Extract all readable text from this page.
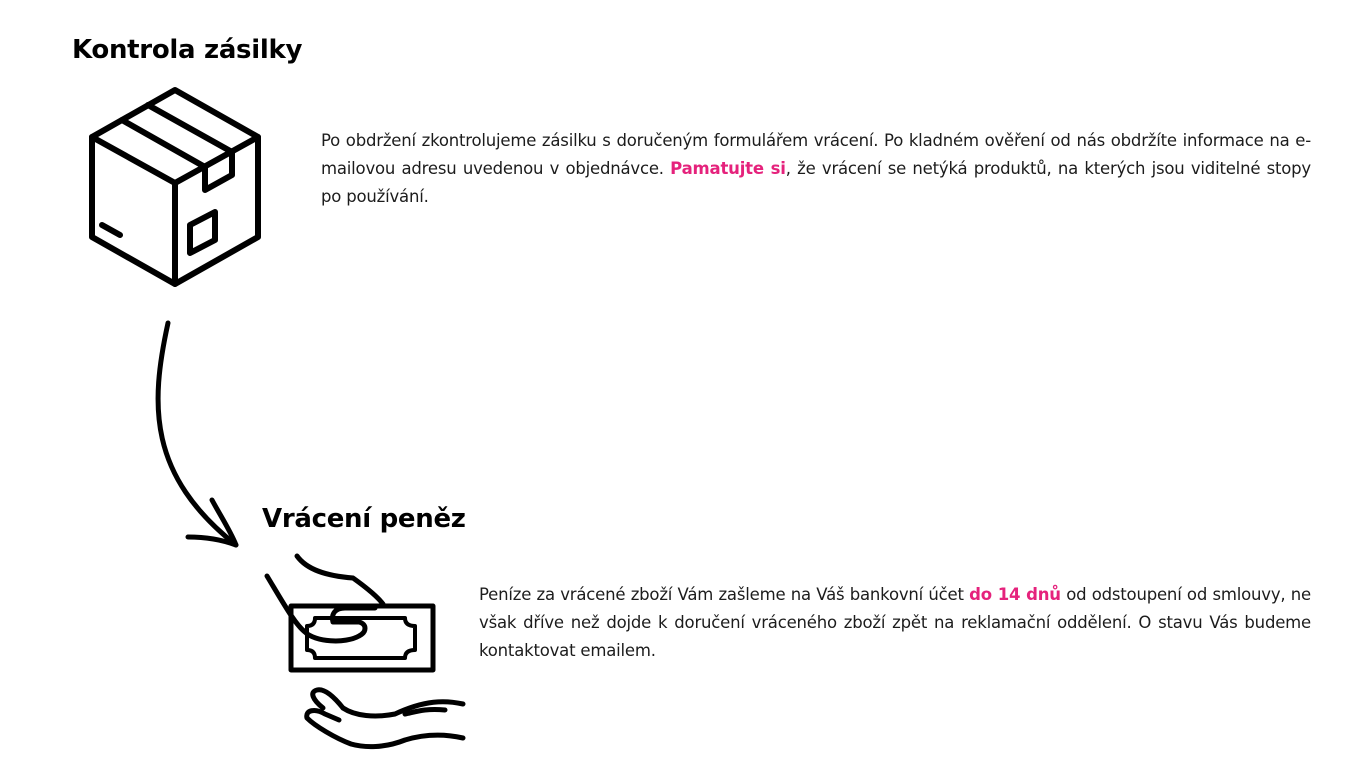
Kontrola zásilky

Po obdržení zkontrolujeme zásilku s doručeným formulářem vrácení. Po kladném ověření od nás obdržíte informace na e-mailovou adresu uvedenou v objednávce. Pamatujte si, že vrácení se netýká produktů, na kterých jsou viditelné stopy po používání.

Vrácení peněz

Peníze za vrácené zboží Vám zašleme na Váš bankovní účet do 14 dnů od odstoupení od smlouvy, ne však dříve než dojde k doručení vráceného zboží zpět na reklamační oddělení. O stavu Vás budeme kontaktovat emailem.
